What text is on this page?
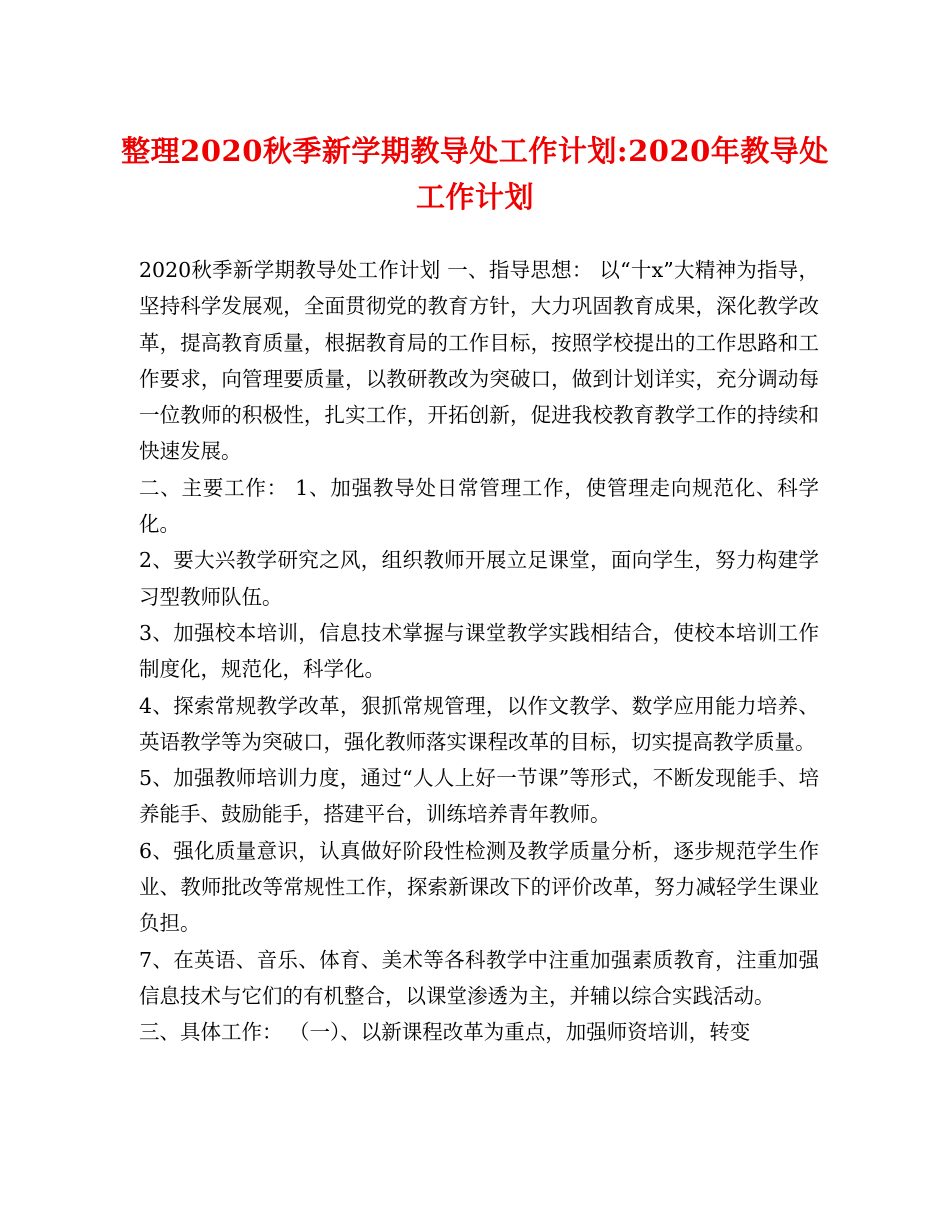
整理2020秋季新学期教导处工作计划:2020年教导处工作计划

2020秋季新学期教导处工作计划 一、指导思想： 以“十x”大精神为指导，坚持科学发展观，全面贯彻党的教育方针，大力巩固教育成果，深化教学改革，提高教育质量，根据教育局的工作目标，按照学校提出的工作思路和工作要求，向管理要质量，以教研教改为突破口，做到计划详实，充分调动每一位教师的积极性，扎实工作，开拓创新，促进我校教育教学工作的持续和快速发展。

二、主要工作： 1、加强教导处日常管理工作，使管理走向规范化、科学化。

2、要大兴教学研究之风，组织教师开展立足课堂，面向学生，努力构建学习型教师队伍。

3、加强校本培训，信息技术掌握与课堂教学实践相结合，使校本培训工作制度化，规范化，科学化。

4、探索常规教学改革，狠抓常规管理，以作文教学、数学应用能力培养、英语教学等为突破口，强化教师落实课程改革的目标，切实提高教学质量。

5、加强教师培训力度，通过“人人上好一节课”等形式，不断发现能手、培养能手、鼓励能手，搭建平台，训练培养青年教师。

6、强化质量意识，认真做好阶段性检测及教学质量分析，逐步规范学生作业、教师批改等常规性工作，探索新课改下的评价改革，努力减轻学生课业负担。

7、在英语、音乐、体育、美术等各科教学中注重加强素质教育，注重加强信息技术与它们的有机整合，以课堂渗透为主，并辅以综合实践活动。

三、具体工作： （一）、以新课程改革为重点，加强师资培训，转变
